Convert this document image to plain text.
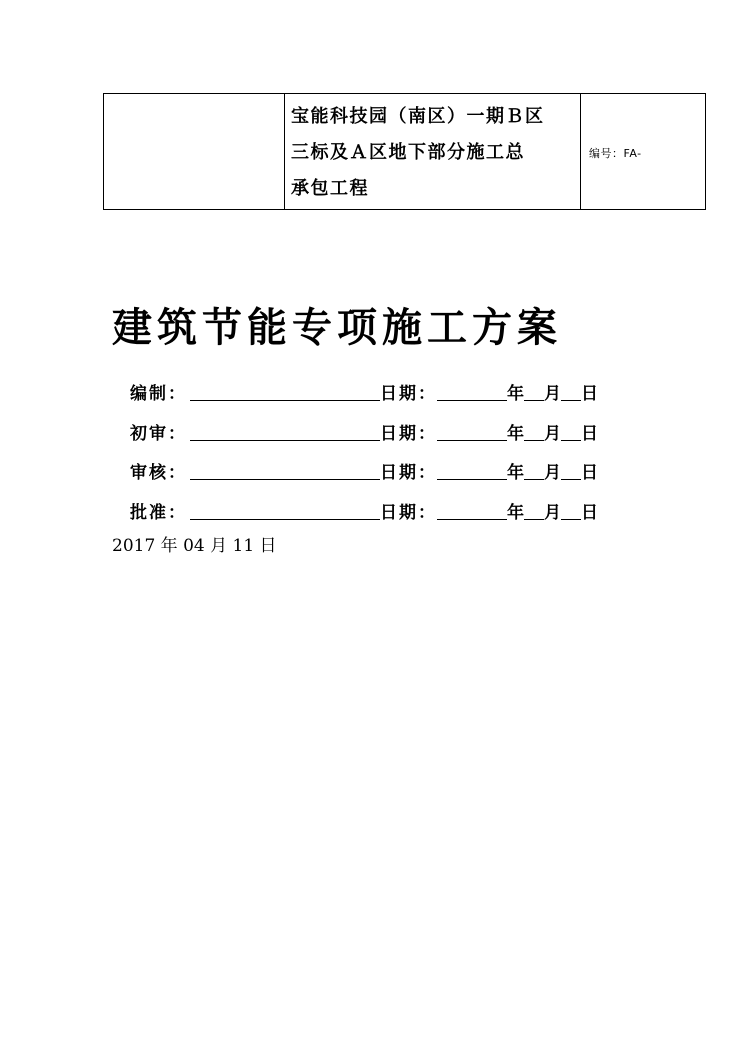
宝能科技园（南区）一期Ｂ区
三标及Ａ区地下部分施工总
承包工程
	编号：FA-
建筑节能专项施工方案
编制：	日期：	年 月 日
初审：	日期：	年 月 日
审核：	日期：	年 月 日
批准：	日期：	年 月 日
2017 年 04 月 11 日
